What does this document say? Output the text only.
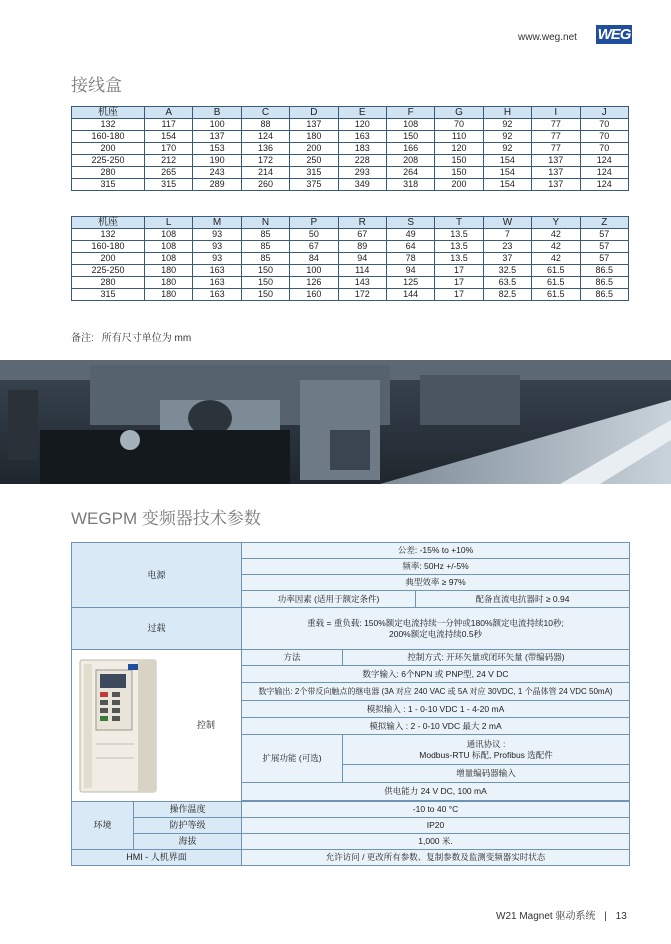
www.weg.net WEG
接线盒
机座	A	B	C	D	E	F	G	H	I	J
132	117	100	88	137	120	108	70	92	77	70
160-180	154	137	124	180	163	150	110	92	77	70
200	170	153	136	200	183	166	120	92	77	70
225-250	212	190	172	250	228	208	150	154	137	124
280	265	243	214	315	293	264	150	154	137	124
315	315	289	260	375	349	318	200	154	137	124
机座	L	M	N	P	R	S	T	W	Y	Z
132	108	93	85	50	67	49	13.5	7	42	57
160-180	108	93	85	67	89	64	13.5	23	42	57
200	108	93	85	84	94	78	13.5	37	42	57
225-250	180	163	150	100	114	94	17	32.5	61.5	86.5
280	180	163	150	126	143	125	17	63.5	61.5	86.5
315	180	163	150	160	172	144	17	82.5	61.5	86.5
备注: 所有尺寸单位为 mm
WEGPM 变频器技术参数
电源		公差: -15% to +10%		
		频率: 50Hz +/-5%		
		典型效率 ≥ 97%		
		功率因素 (适用于额定条件)		配备直流电抗器时 ≥ 0.94
过载		重载 = 重负载: 150%额定电流持续一分钟或180%额定电流持续10秒;
200%额定电流持续0.5秒		

控制		方法	控制方式: 开环矢量或闭环矢量 (带编码器)	
		数字输入: 6个NPN 或 PNP型, 24 V DC		
		数字输出: 2个带反向触点的继电器 (3A 对应 240 VAC 或 5A 对应 30VDC, 1 个晶体管 24 VDC 50mA)		
		模拟输入 : 1 - 0-10 VDC 1 - 4-20 mA		
		模拟输入 : 2 - 0-10 VDC 最大 2 mA		
		扩展功能 (可选)	通讯协议 :
Modbus-RTU 标配, Profibus 选配件	

			增量编码器输入	
		供电能力 24 V DC, 100 mA		

环境	操作温度	-10 to 40 °C		
	防护等级	IP20		
	海拔	1,000 米.		
HMI - 人机界面		允许访问 / 更改所有参数、复制参数及监测变频器实时状态		
W21 Magnet 驱动系统 | 13
